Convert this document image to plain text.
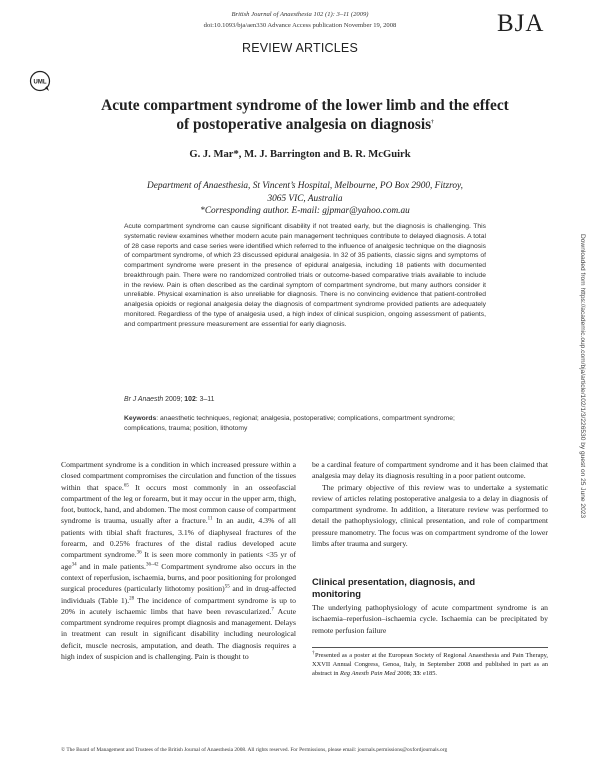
British Journal of Anaesthesia 102 (1): 3–11 (2009)
doi:10.1093/bja/aen330 Advance Access publication November 19, 2008	BJA
REVIEW ARTICLES
UML
Acute compartment syndrome of the lower limb and the effect
of postoperative analgesia on diagnosis†
G. J. Mar*, M. J. Barrington and B. R. McGuirk
Department of Anaesthesia, St Vincent’s Hospital, Melbourne, PO Box 2900, Fitzroy,
3065 VIC, Australia
*Corresponding author. E-mail: gjpmar@yahoo.com.au
Acute compartment syndrome can cause significant disability if not treated early, but the diagnosis is challenging. This systematic review examines whether modern acute pain management techniques contribute to delayed diagnosis. A total of 28 case reports and case series were identified which referred to the influence of analgesic technique on the diagnosis of compartment syndrome, of which 23 discussed epidural analgesia. In 32 of 35 patients, classic signs and symptoms of compartment syndrome were present in the presence of epidural analgesia, including 18 patients with documented breakthrough pain. There were no randomized controlled trials or outcome-based comparative trials available to include in the review. Pain is often described as the cardinal symptom of compartment syndrome, but many authors consider it unreliable. Physical examination is also unreliable for diagnosis. There is no convincing evidence that patient-controlled analgesia opioids or regional analgesia delay the diagnosis of compartment syndrome provided patients are adequately monitored. Regardless of the type of analgesia used, a high index of clinical suspicion, ongoing assessment of patients, and compartment pressure measurement are essential for early diagnosis.
Br J Anaesth 2009; 102: 3–11
Keywords: anaesthetic techniques, regional; analgesia, postoperative; complications, compartment syndrome; complications, trauma; position, lithotomy

Compartment syndrome is a condition in which increased pressure within a closed compartment compromises the circulation and function of the tissues within that space.$^{65}$ It occurs most commonly in an osseofascial compartment of the leg or forearm, but it may occur in the upper arm, thigh, foot, buttock, hand, and abdomen. The most common cause of compartment syndrome is trauma, usually after a fracture.$^{11}$ In an audit, 4.3% of all patients with tibial shaft fractures, 3.1% of diaphyseal fractures of the forearm, and 0.25% fractures of the distal radius developed acute compartment syndrome.$^{36}$ It is seen more commonly in patients <35 yr of age$^{34}$ and in male patients.$^{36-42}$ Compartment syndrome also occurs in the context of reperfusion, ischaemia, burns, and poor positioning for prolonged surgical procedures (particularly lithotomy position)$^{55}$ and in drug-affected individuals (Table 1).$^{28}$ The incidence of compartment syndrome is up to 20% in acutely ischaemic limbs that have been revascularized.$^7$ Acute compartment syndrome requires prompt diagnosis and management. Delays in treatment can result in significant disability including neurological deficit, muscle necrosis, amputation, and death. The diagnosis requires a high index of suspicion and is challenging. Pain is thought to

be a cardinal feature of compartment syndrome and it has been claimed that analgesia may delay its diagnosis resulting in a poor patient outcome.

The primary objective of this review was to undertake a systematic review of articles relating postoperative analgesia to a delay in diagnosis of compartment syndrome. In addition, a literature review was performed to detail the pathophysiology, clinical presentation, and role of compartment pressure manometry. The focus was on compartment syndrome of the lower limbs after trauma and surgery.

Clinical presentation, diagnosis, and
monitoring

The underlying pathophysiology of acute compartment syndrome is an ischaemia–reperfusion–ischaemia cycle. Ischaemia can be precipitated by remote perfusion failure

†Presented as a poster at the European Society of Regional Anaesthesia and Pain Therapy, XXVII Annual Congress, Genoa, Italy, in September 2008 and published in part as an abstract in Reg Anesth Pain Med 2008; 33: e185.
© The Board of Management and Trustees of the British Journal of Anaesthesia 2008. All rights reserved. For Permissions, please email: journals.permissions@oxfordjournals.org
Downloaded from https://academic.oup.com/bja/article/102/1/3/226530 by guest on 25 June 2023
